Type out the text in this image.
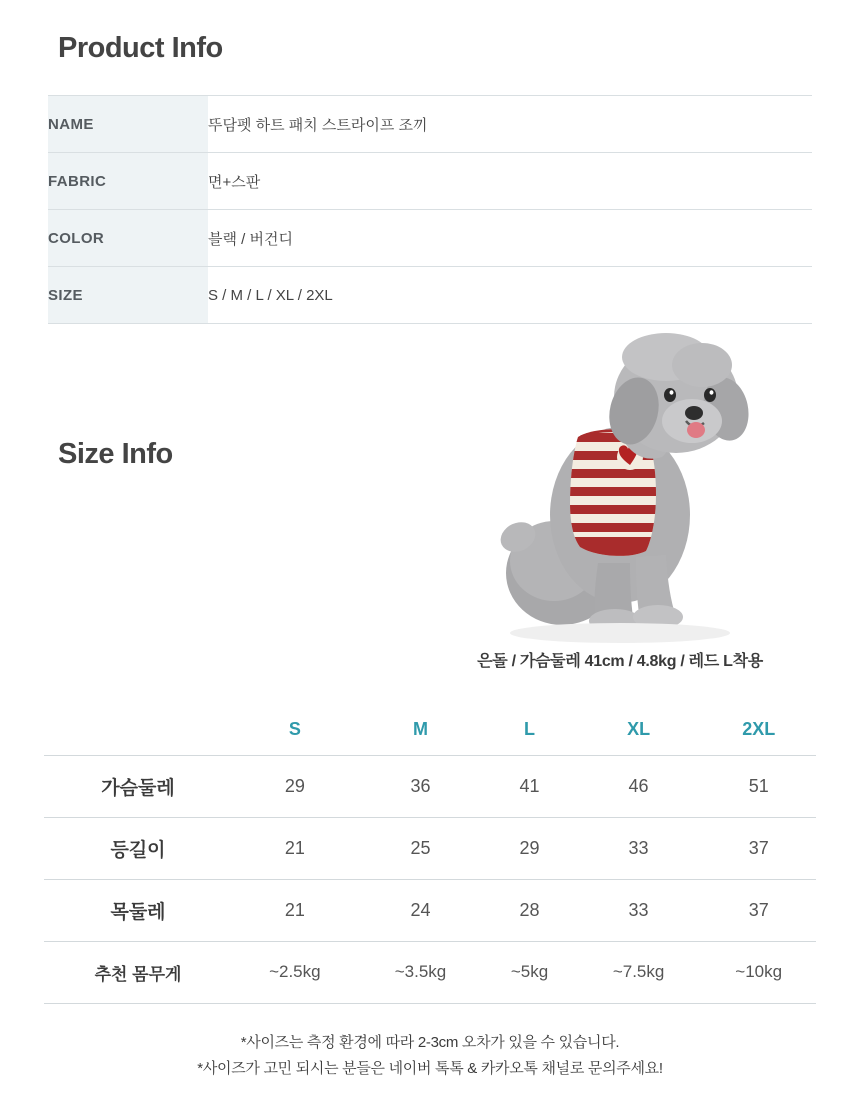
Product Info
NAME	뚜담펫 하트 패치 스트라이프 조끼
FABRIC	면+스판
COLOR	블랙 / 버건디
SIZE	S / M / L / XL / 2XL
Size Info
은돌 / 가슴둘레 41cm / 4.8kg / 레드 L착용
	S	M	L	XL	2XL
가슴둘레	29	36	41	46	51
등길이	21	25	29	33	37
목둘레	21	24	28	33	37
추천 몸무게	~2.5kg	~3.5kg	~5kg	~7.5kg	~10kg
*사이즈는 측정 환경에 따라 2-3cm 오차가 있을 수 있습니다.
*사이즈가 고민 되시는 분들은 네이버 톡톡 & 카카오톡 채널로 문의주세요!
